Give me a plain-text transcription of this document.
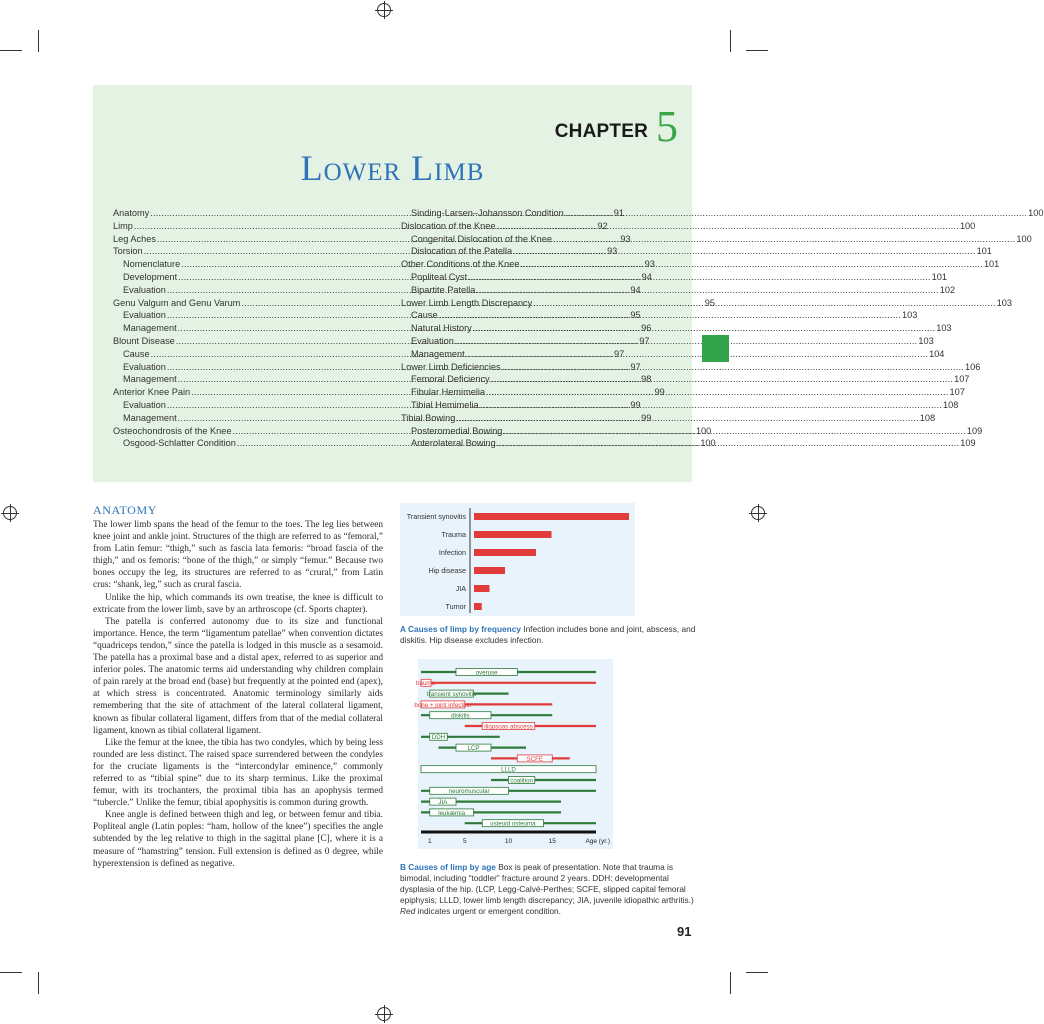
CHAPTER 5
Lower Limb
Anatomy .....	91
Limp .....	92
Leg Aches .....	93
Torsion .....	93
Nomenclature .....	93
Development .....	94
Evaluation .....	94
Genu Valgum and Genu Varum .....	95
Evaluation .....	95
Management .....	96
Blount Disease .....	97
Cause .....	97
Evaluation .....	97
Management .....	98
Anterior Knee Pain .....	99
Evaluation .....	99
Management .....	99
Osteochondrosis of the Knee .....	100
Osgood-Schlatter Condition .....	100
Sinding-Larsen–Johansson Condition .....	100
Dislocation of the Knee .....	100
Congenital Dislocation of the Knee .....	100
Dislocation of the Patella .....	101
Other Conditions of the Knee .....	101
Popliteal Cyst .....	101
Bipartite Patella .....	102
Lower Limb Length Discrepancy .....	103
Cause .....	103
Natural History .....	103
Evaluation .....	103
Management .....	104
Lower Limb Deficiencies .....	106
Femoral Deficiency .....	107
Fibular Hemimelia .....	107
Tibial Hemimelia .....	108
Tibial Bowing .....	108
Posteromedial Bowing .....	109
Anterolateral Bowing .....	109
ANATOMY

The lower limb spans the head of the femur to the toes. The leg lies between knee joint and ankle joint. Structures of the thigh are referred to as “femoral,” from Latin femur: “thigh,” such as fascia lata femoris: “broad fascia of the thigh,” and os femoris: “bone of the thigh,” or simply “femur.” Because two bones occupy the leg, its structures are referred to as “crural,” from Latin crus: “shank, leg,” such as crural fascia.

Unlike the hip, which commands its own treatise, the knee is difficult to extricate from the lower limb, save by an arthroscope (cf. Sports chapter).

The patella is conferred autonomy due to its size and functional importance. Hence, the term “ligamentum patellae” when convention dictates “quadriceps tendon,” since the patella is lodged in this muscle as a sesamoid. The patella has a proximal base and a distal apex, referred to as superior and inferior poles. The anatomic terms aid understanding why children complain of pain rarely at the broad end (base) but frequently at the pointed end (apex), at which stress is concentrated. Anatomic terminology similarly aids remembering that the site of attachment of the lateral collateral ligament, known as fibular collateral ligament, differs from that of the medial collateral ligament, known as tibial collateral ligament.

Like the femur at the knee, the tibia has two condyles, which by being less rounded are less distinct. The raised space surrendered between the condyles for the cruciate ligaments is the “intercondylar eminence,” commonly referred to as “tibial spine” due to its sharp terminus. Like the proximal femur, with its trochanters, the proximal tibia has an apophysis termed “tubercle.” Unlike the femur, tibial apophysitis is common during growth.

Knee angle is defined between thigh and leg, or between femur and tibia. Popliteal angle (Latin poples: “ham, hollow of the knee”) specifies the angle subtended by the leg relative to thigh in the sagittal plane [C], where it is a measure of “hamstring” tension. Full extension is defined as 0 degree, while hyperextension is defined as negative.

Transient synovitis
Trauma
Infection
Hip disease
JIA
Tumor
A Causes of limp by frequency Infection includes bone and joint, abscess, and diskitis. Hip disease excludes infection.
overuse
trauma
transient synovitis
bone + joint infection
diskitis
iliopsoas abscess
DDH
LCP
SCFE
LLLD
coalition
neuromuscular
JIA
leukæmia
osteoid osteoma
1	5	10	15	Age (yr.)
B Causes of limp by age Box is peak of presentation. Note that trauma is bimodal, including “toddler” fracture around 2 years. DDH: developmental dysplasia of the hip. (LCP, Legg-Calvé-Perthes; SCFE, slipped capital femoral epiphysis; LLLD, lower limb length discrepancy; JIA, juvenile idiopathic arthritis.) Red indicates urgent or emergent condition.
91
